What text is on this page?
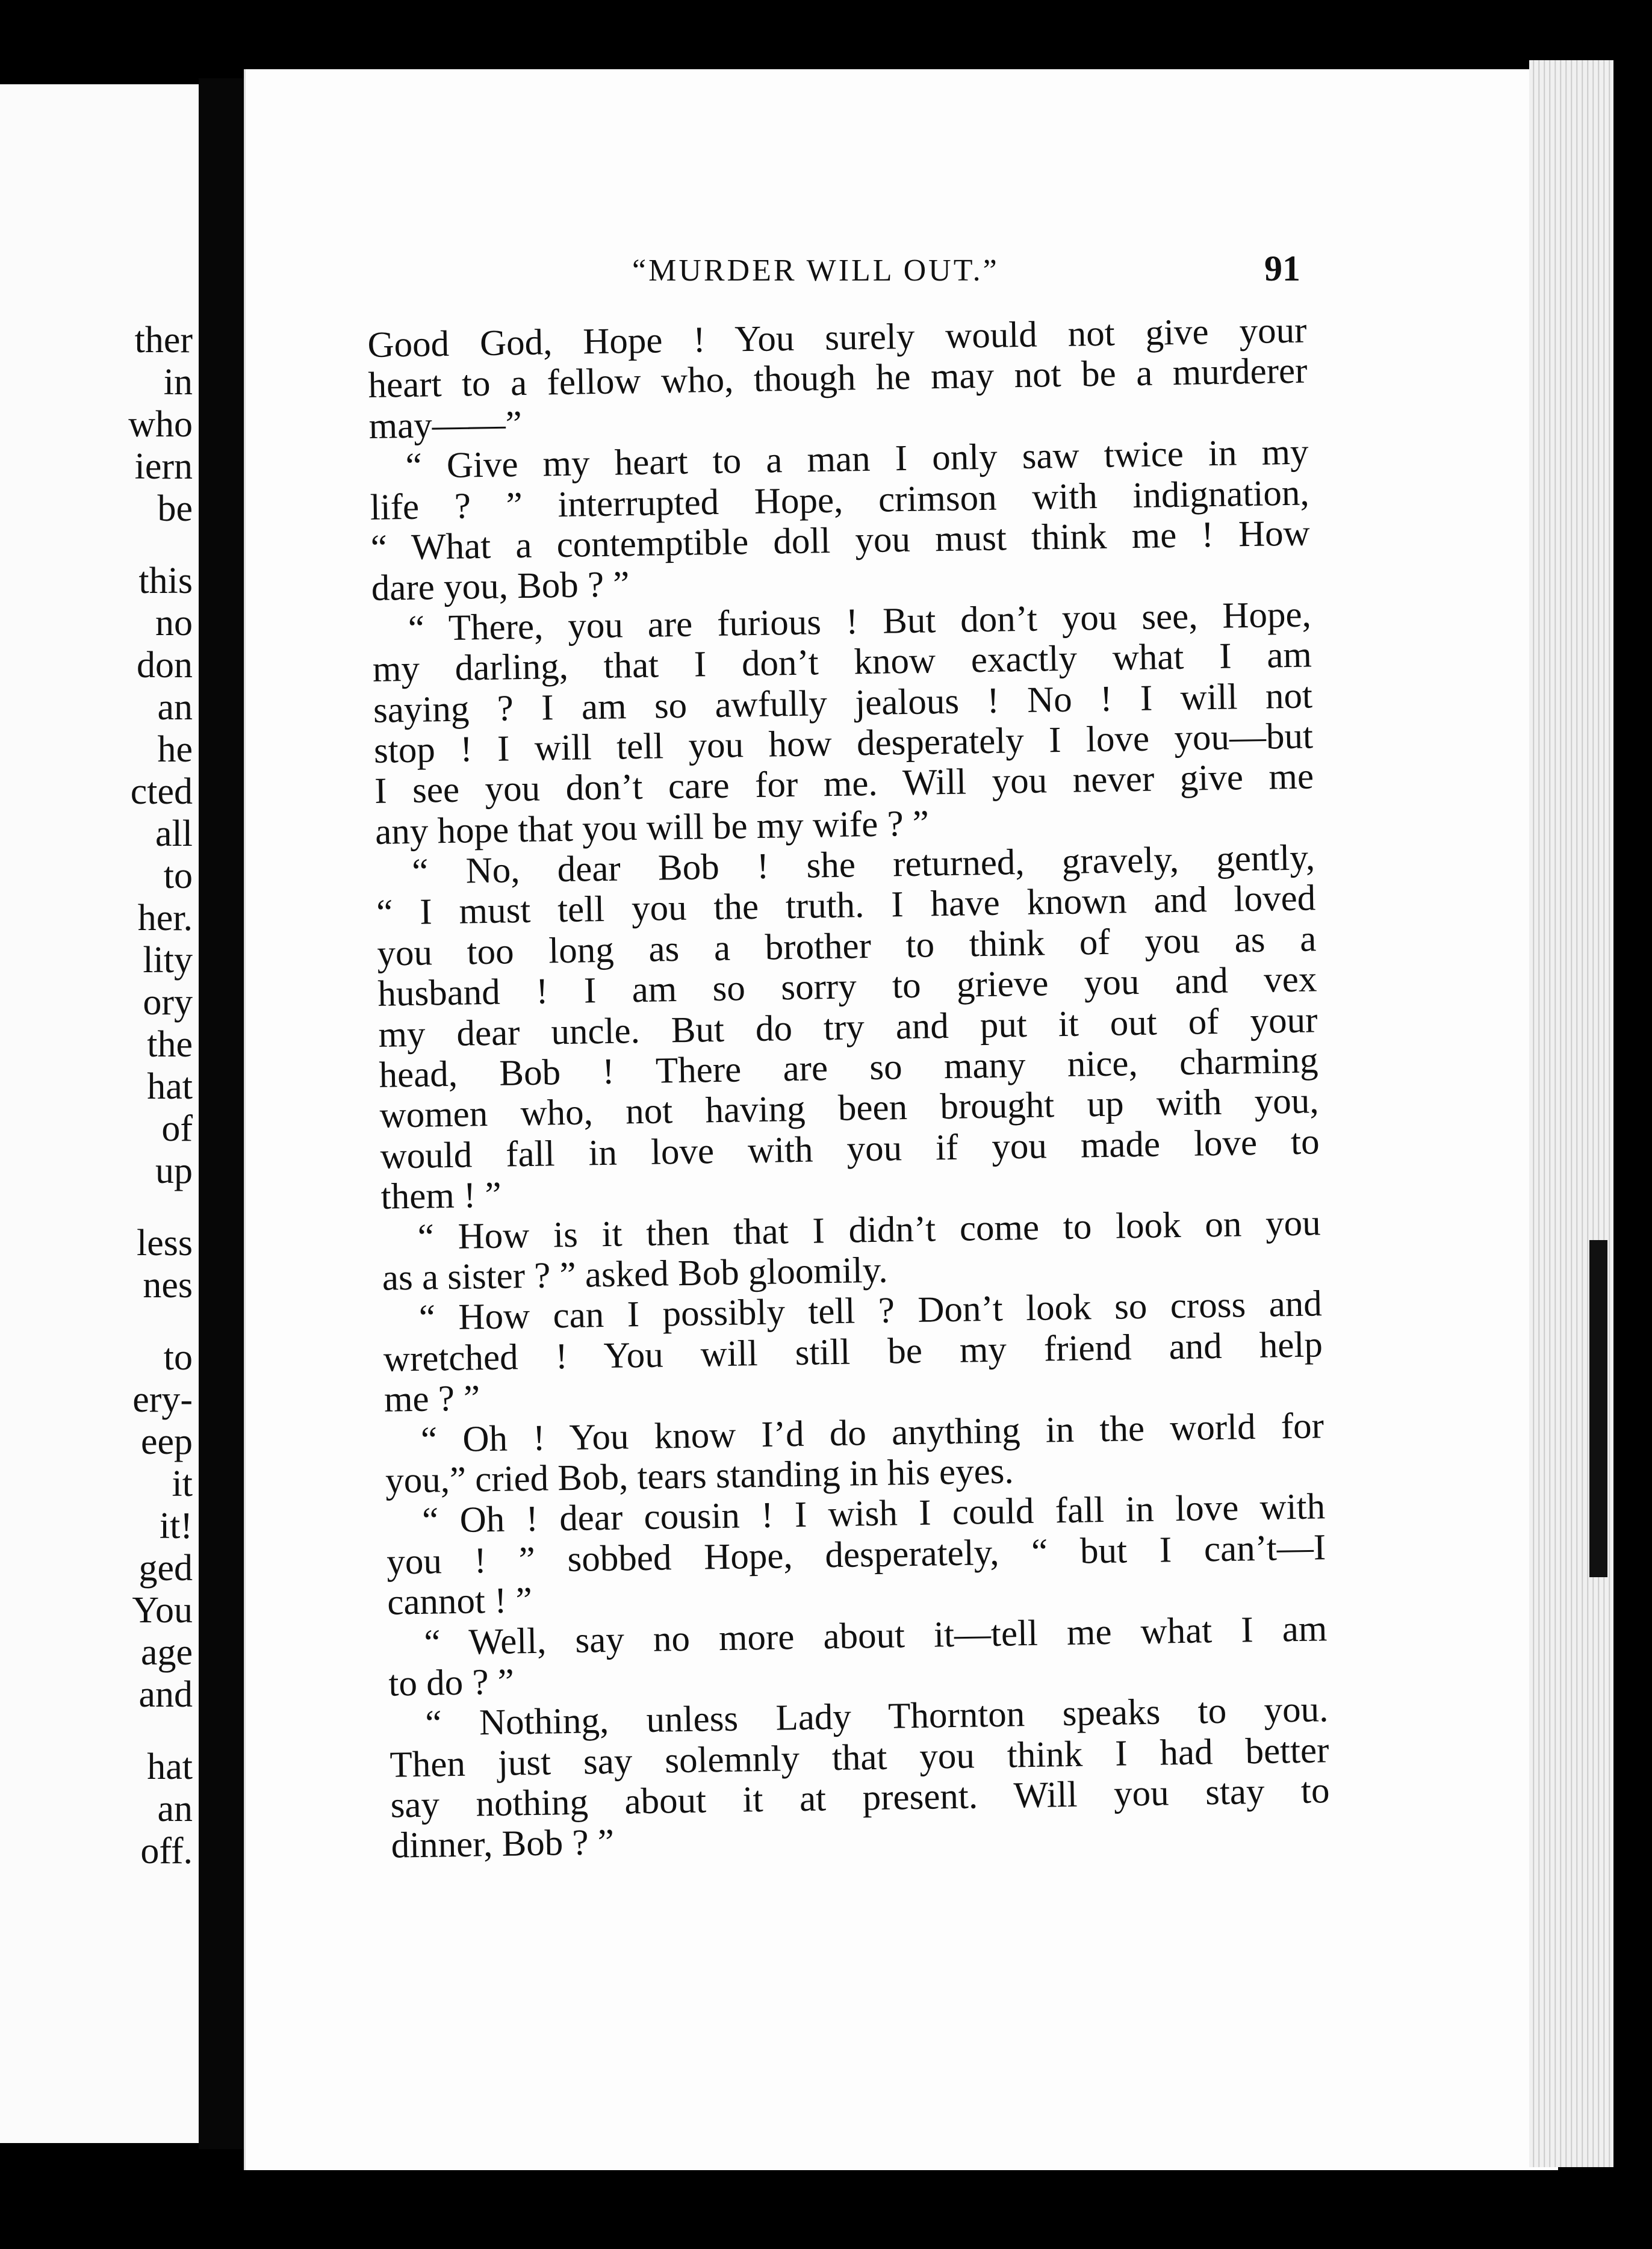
ther
in
who
iern
be
this
no
don
an
he
cted
all
to
her.
lity
ory
the
hat
of
up
less
nes
to
ery-
eep
it
it!
ged
You
age
and
hat
an
off.
“MURDER WILL OUT.”	91
Good God, Hope ! You surely would not give your
heart to a fellow who, though he may not be a murderer
may——”
“ Give my heart to a man I only saw twice in my
life ? ” interrupted Hope, crimson with indignation,
“ What a contemptible doll you must think me ! How
dare you, Bob ? ”
“ There, you are furious ! But don’t you see, Hope,
my darling, that I don’t know exactly what I am
saying ? I am so awfully jealous ! No ! I will not
stop ! I will tell you how desperately I love you—but
I see you don’t care for me. Will you never give me
any hope that you will be my wife ? ”
“ No, dear Bob ! she returned, gravely, gently,
“ I must tell you the truth. I have known and loved
you too long as a brother to think of you as a
husband ! I am so sorry to grieve you and vex
my dear uncle. But do try and put it out of your
head, Bob ! There are so many nice, charming
women who, not having been brought up with you,
would fall in love with you if you made love to
them ! ”
“ How is it then that I didn’t come to look on you
as a sister ? ” asked Bob gloomily.
“ How can I possibly tell ? Don’t look so cross and
wretched ! You will still be my friend and help
me ? ”
“ Oh ! You know I’d do anything in the world for
you,” cried Bob, tears standing in his eyes.
“ Oh ! dear cousin ! I wish I could fall in love with
you ! ” sobbed Hope, desperately, “ but I can’t—I
cannot ! ”
“ Well, say no more about it—tell me what I am
to do ? ”
“ Nothing, unless Lady Thornton speaks to you.
Then just say solemnly that you think I had better
say nothing about it at present. Will you stay to
dinner, Bob ? ”
